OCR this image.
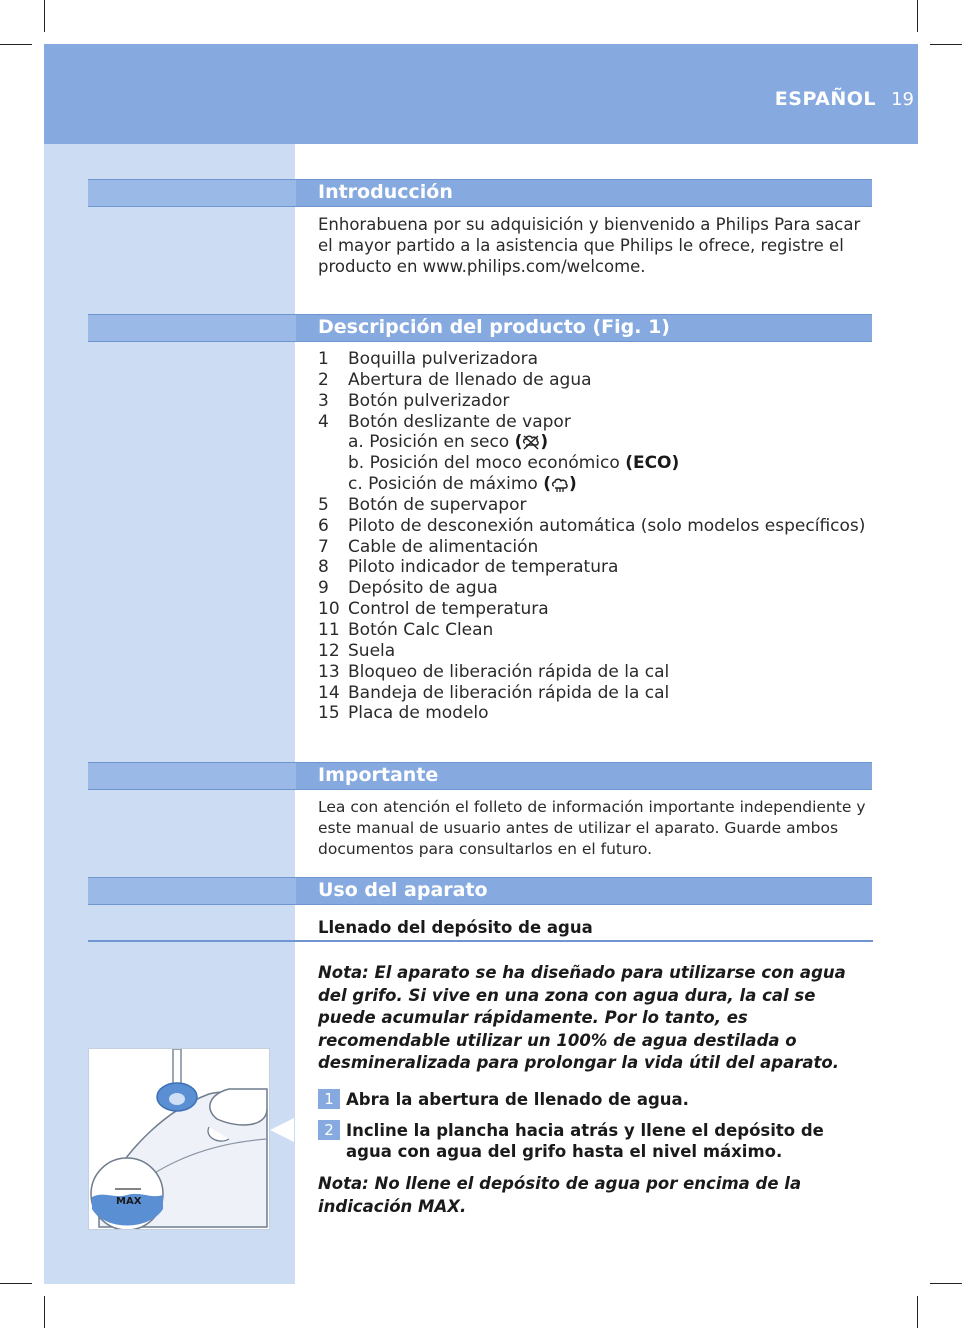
ESPAÑOL 19
Introducción
Enhorabuena por su adquisición y bienvenido a Philips Para sacar el mayor partido a la asistencia que Philips le ofrece, registre el producto en www.philips.com/welcome.
Descripción del producto (Fig. 1)
1 Boquilla pulverizadora
2 Abertura de llenado de agua
3 Botón pulverizador
4 Botón deslizante de vapor
a. Posición en seco ( )
b. Posición del moco económico (ECO)
c. Posición de máximo ( )
5 Botón de supervapor
6 Piloto de desconexión automática (solo modelos específicos)
7 Cable de alimentación
8 Piloto indicador de temperatura
9 Depósito de agua
10 Control de temperatura
11 Botón Calc Clean
12 Suela
13 Bloqueo de liberación rápida de la cal
14 Bandeja de liberación rápida de la cal
15 Placa de modelo
Importante
Lea con atención el folleto de información importante independiente y este manual de usuario antes de utilizar el aparato. Guarde ambos documentos para consultarlos en el futuro.
Uso del aparato
Llenado del depósito de agua
Nota: El aparato se ha diseñado para utilizarse con agua del grifo. Si vive en una zona con agua dura, la cal se puede acumular rápidamente. Por lo tanto, es recomendable utilizar un 100% de agua destilada o desmineralizada para prolongar la vida útil del aparato.
1 Abra la abertura de llenado de agua.
2 Incline la plancha hacia atrás y llene el depósito de agua con agua del grifo hasta el nivel máximo.
Nota: No llene el depósito de agua por encima de la indicación MAX.
MAX
